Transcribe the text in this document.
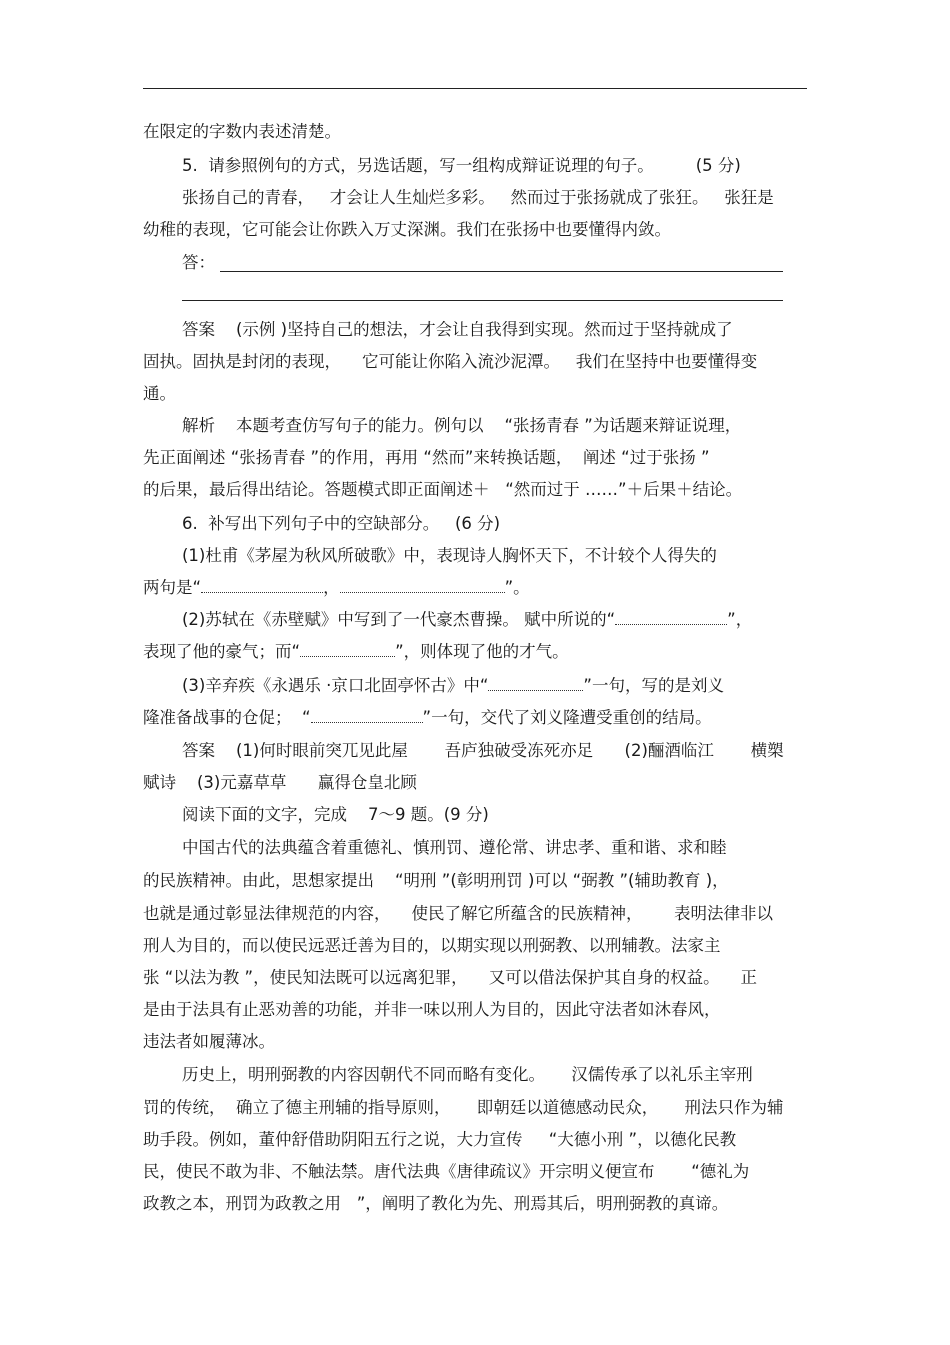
在限定的字数内表述清楚。
5.  请参照例句的方式，另选话题，写一组构成辩证说理的句子。        (5 分)
张扬自己的青春，   才会让人生灿烂多彩。   然而过于张扬就成了张狂。   张狂是
幼稚的表现，它可能会让你跌入万丈深渊。我们在张扬中也要懂得内敛。
答：
答案    (示例 )坚持自己的想法，才会让自我得到实现。然而过于坚持就成了
固执。固执是封闭的表现，    它可能让你陷入流沙泥潭。   我们在坚持中也要懂得变
通。
解析    本题考查仿写句子的能力。例句以    “张扬青春 ”为话题来辩证说理，
先正面阐述 “张扬青春 ”的作用，再用 “然而”来转换话题，  阐述 “过于张扬 ”
的后果，最后得出结论。答题模式即正面阐述＋   “然而过于 ……”＋后果＋结论。
6.  补写出下列句子中的空缺部分。   (6 分)
(1)杜甫《茅屋为秋风所破歌》中，表现诗人胸怀天下，不计较个人得失的
两句是“	，	”。
(2)苏轼在《赤壁赋》中写到了一代豪杰曹操。 赋中所说的“	”，
表现了他的豪气；而“	”，则体现了他的才气。
(3)辛弃疾《永遇乐 ·京口北固亭怀古》中“	”一句，写的是刘义
隆准备战事的仓促；  “	”一句，交代了刘义隆遭受重创的结局。
答案    (1)何时眼前突兀见此屋       吾庐独破受冻死亦足      (2)酾酒临江       横槊
赋诗    (3)元嘉草草      赢得仓皇北顾
阅读下面的文字，完成    7～9 题。(9 分)
中国古代的法典蕴含着重德礼、慎刑罚、遵伦常、讲忠孝、重和谐、求和睦
的民族精神。由此，思想家提出    “明刑 ”(彰明刑罚 )可以 “弼教 ”(辅助教育 )，
也就是通过彰显法律规范的内容，    使民了解它所蕴含的民族精神，      表明法律非以
刑人为目的，而以使民远恶迁善为目的，以期实现以刑弼教、以刑辅教。法家主
张 “以法为教 ”，使民知法既可以远离犯罪，    又可以借法保护其自身的权益。    正
是由于法具有止恶劝善的功能，并非一味以刑人为目的，因此守法者如沐春风，
违法者如履薄冰。
历史上，明刑弼教的内容因朝代不同而略有变化。     汉儒传承了以礼乐主宰刑
罚的传统，  确立了德主刑辅的指导原则，     即朝廷以道德感动民众，     刑法只作为辅
助手段。例如，董仲舒借助阴阳五行之说，大力宣传     “大德小刑 ”，以德化民教
民，使民不敢为非、不触法禁。唐代法典《唐律疏议》开宗明义便宣布       “德礼为
政教之本，刑罚为政教之用   ”，阐明了教化为先、刑焉其后，明刑弼教的真谛。
